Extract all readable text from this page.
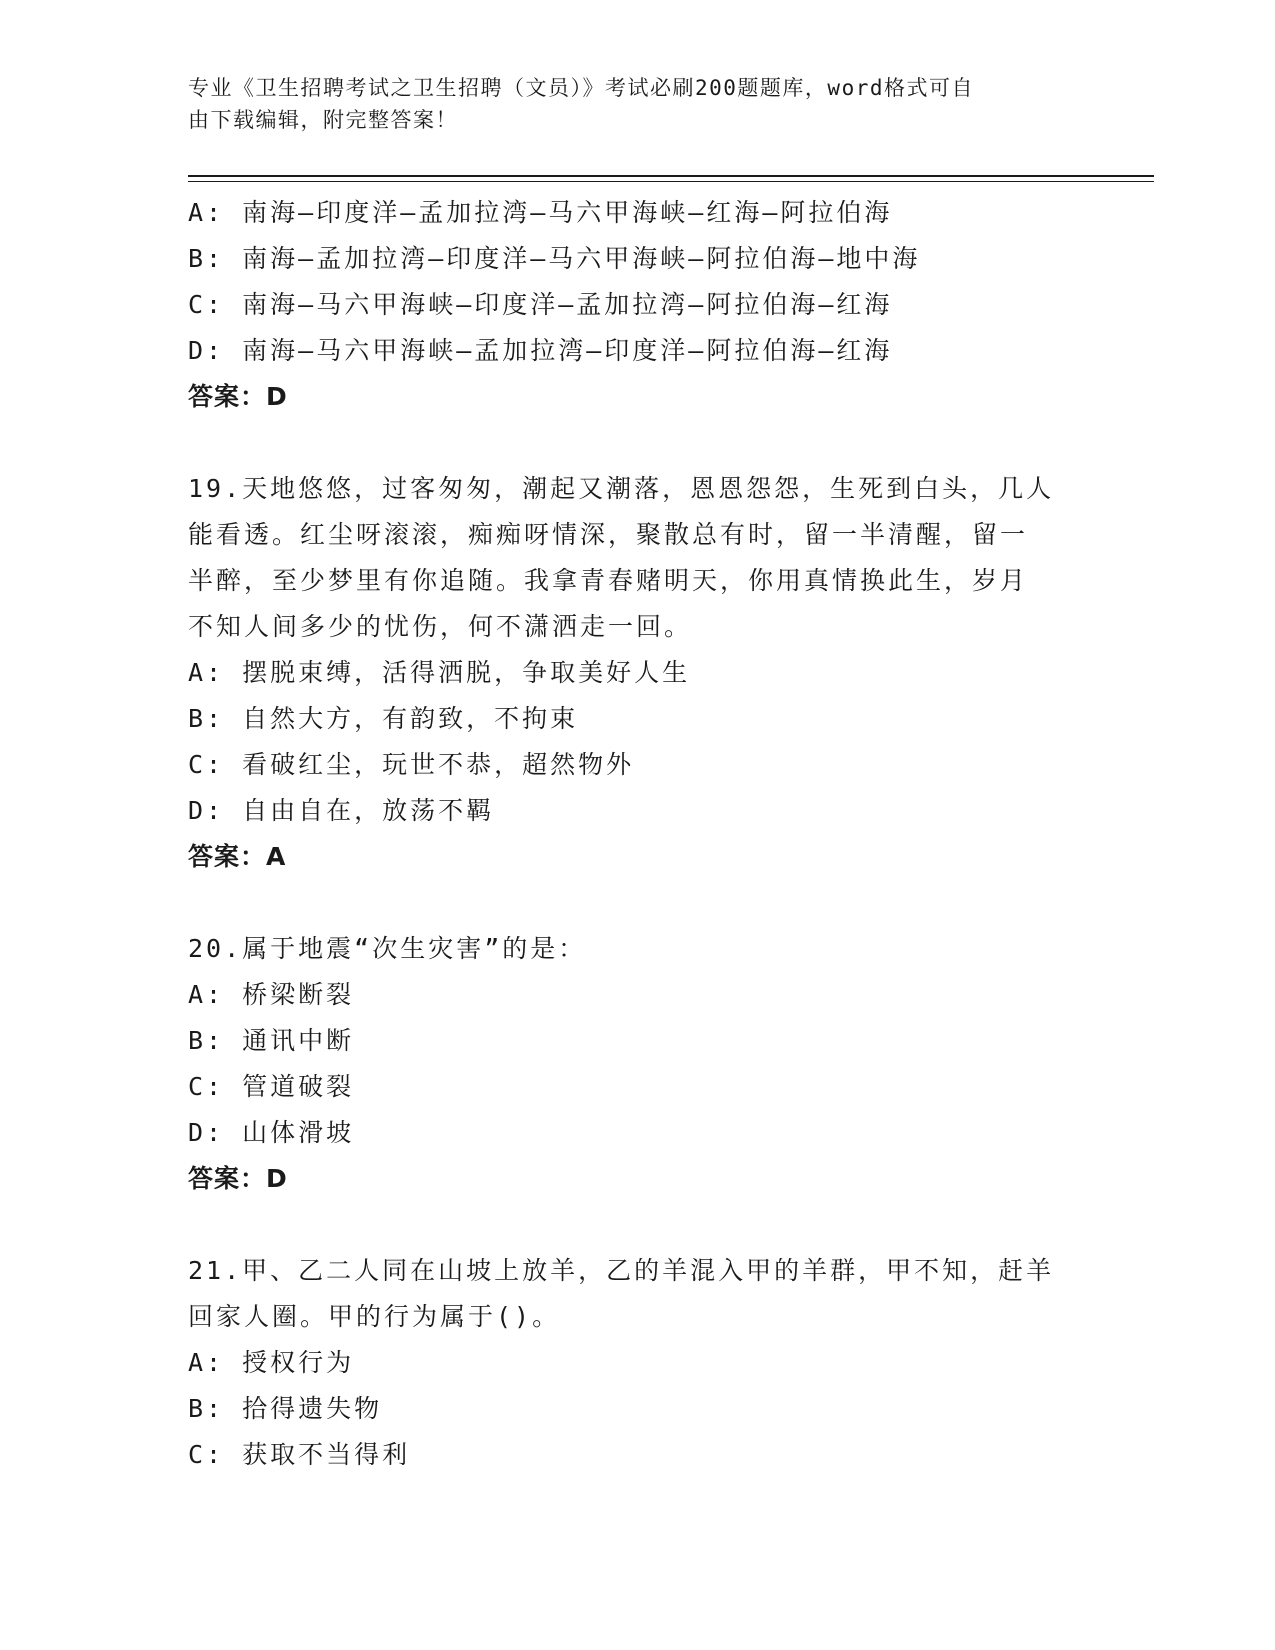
专业《卫生招聘考试之卫生招聘（文员）》考试必刷200题题库，word格式可自
由下载编辑，附完整答案！
A: 南海—印度洋—孟加拉湾—马六甲海峡—红海—阿拉伯海
B: 南海—孟加拉湾—印度洋—马六甲海峡—阿拉伯海—地中海
C: 南海—马六甲海峡—印度洋—孟加拉湾—阿拉伯海—红海
D: 南海—马六甲海峡—孟加拉湾—印度洋—阿拉伯海—红海
答案：D
19.天地悠悠，过客匆匆，潮起又潮落，恩恩怨怨，生死到白头，几人
能看透。红尘呀滚滚，痴痴呀情深，聚散总有时，留一半清醒，留一
半醉，至少梦里有你追随。我拿青春赌明天，你用真情换此生，岁月
不知人间多少的忧伤，何不潇洒走一回。
A: 摆脱束缚，活得洒脱，争取美好人生
B: 自然大方，有韵致，不拘束
C: 看破红尘，玩世不恭，超然物外
D: 自由自在，放荡不羁
答案：A
20.属于地震“次生灾害”的是：
A: 桥梁断裂
B: 通讯中断
C: 管道破裂
D: 山体滑坡
答案：D
21.甲、乙二人同在山坡上放羊，乙的羊混入甲的羊群，甲不知，赶羊
回家人圈。甲的行为属于()。
A: 授权行为
B: 拾得遗失物
C: 获取不当得利
